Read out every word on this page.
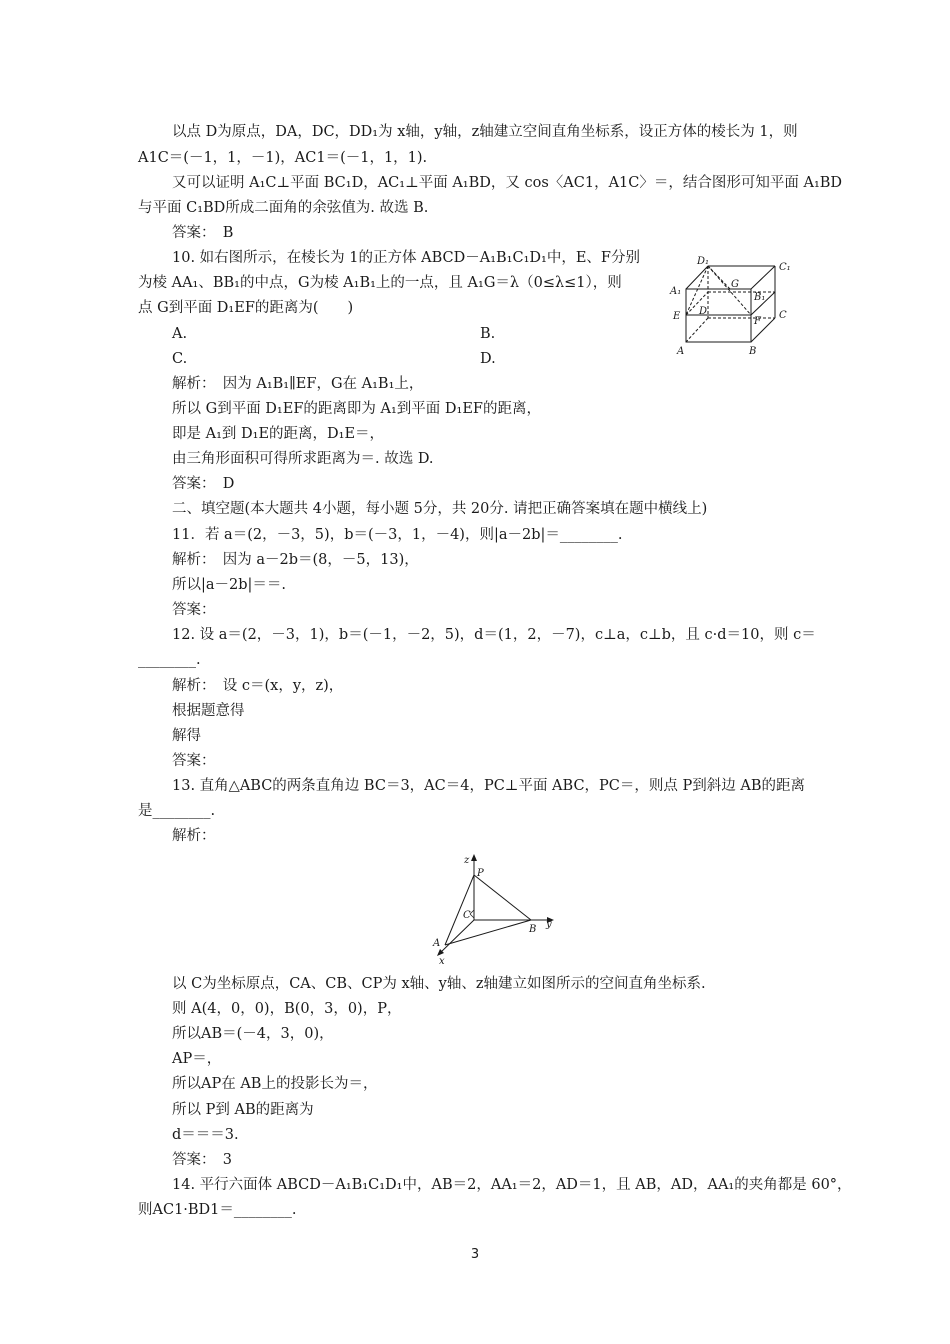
以点 D为原点，DA，DC，DD₁为 x轴，y轴，z轴建立空间直角坐标系，设正方体的棱长为 1，则
A1C＝(－1，1，－1)，AC1＝(－1，1，1).
又可以证明 A₁C⊥平面 BC₁D，AC₁⊥平面 A₁BD，又 cos〈AC1，A1C〉＝，结合图形可知平面 A₁BD
与平面 C₁BD所成二面角的余弦值为. 故选 B.
答案：　B
10. 如右图所示，在棱长为 1的正方体 ABCD－A₁B₁C₁D₁中，E、F分别
为棱 AA₁、BB₁的中点，G为棱 A₁B₁上的一点，且 A₁G＝λ（0≤λ≤1），则
点 G到平面 D₁EF的距离为(　　)
A.	B.
C.	D.
解析：　因为 A₁B₁∥EF，G在 A₁B₁上，
所以 G到平面 D₁EF的距离即为 A₁到平面 D₁EF的距离，
即是 A₁到 D₁E的距离，D₁E＝，
由三角形面积可得所求距离为＝. 故选 D.
答案：　D
二、填空题(本大题共 4小题，每小题 5分，共 20分. 请把正确答案填在题中横线上)
11．若 a＝(2，－3，5)，b＝(－3，1，－4)，则|a－2b|＝________.
解析：　因为 a－2b＝(8，－5，13)，
所以|a－2b|＝＝.
答案：
12. 设 a＝(2，－3，1)，b＝(－1，－2，5)，d＝(1，2，－7)，c⊥a，c⊥b，且 c·d＝10，则 c＝
________.
解析：　设 c＝(x，y，z)，
根据题意得
解得
答案：
13. 直角△ABC的两条直角边 BC＝3，AC＝4，PC⊥平面 ABC，PC＝，则点 P到斜边 AB的距离
是________.
解析：
以 C为坐标原点，CA、CB、CP为 x轴、y轴、z轴建立如图所示的空间直角坐标系.
则 A(4，0，0)，B(0，3，0)，P，
所以AB＝(－4，3，0)，
AP＝，
所以AP在 AB上的投影长为＝，
所以 P到 AB的距离为
d＝＝＝3.
答案：　3
14. 平行六面体 ABCD－A₁B₁C₁D₁中，AB＝2，AA₁＝2，AD＝1，且 AB，AD，AA₁的夹角都是 60°，
则AC1·BD1＝________.
D₁
C₁
A₁
G
B₁
E D
F
C
A	B
z
P
C
B y
A
x
3
